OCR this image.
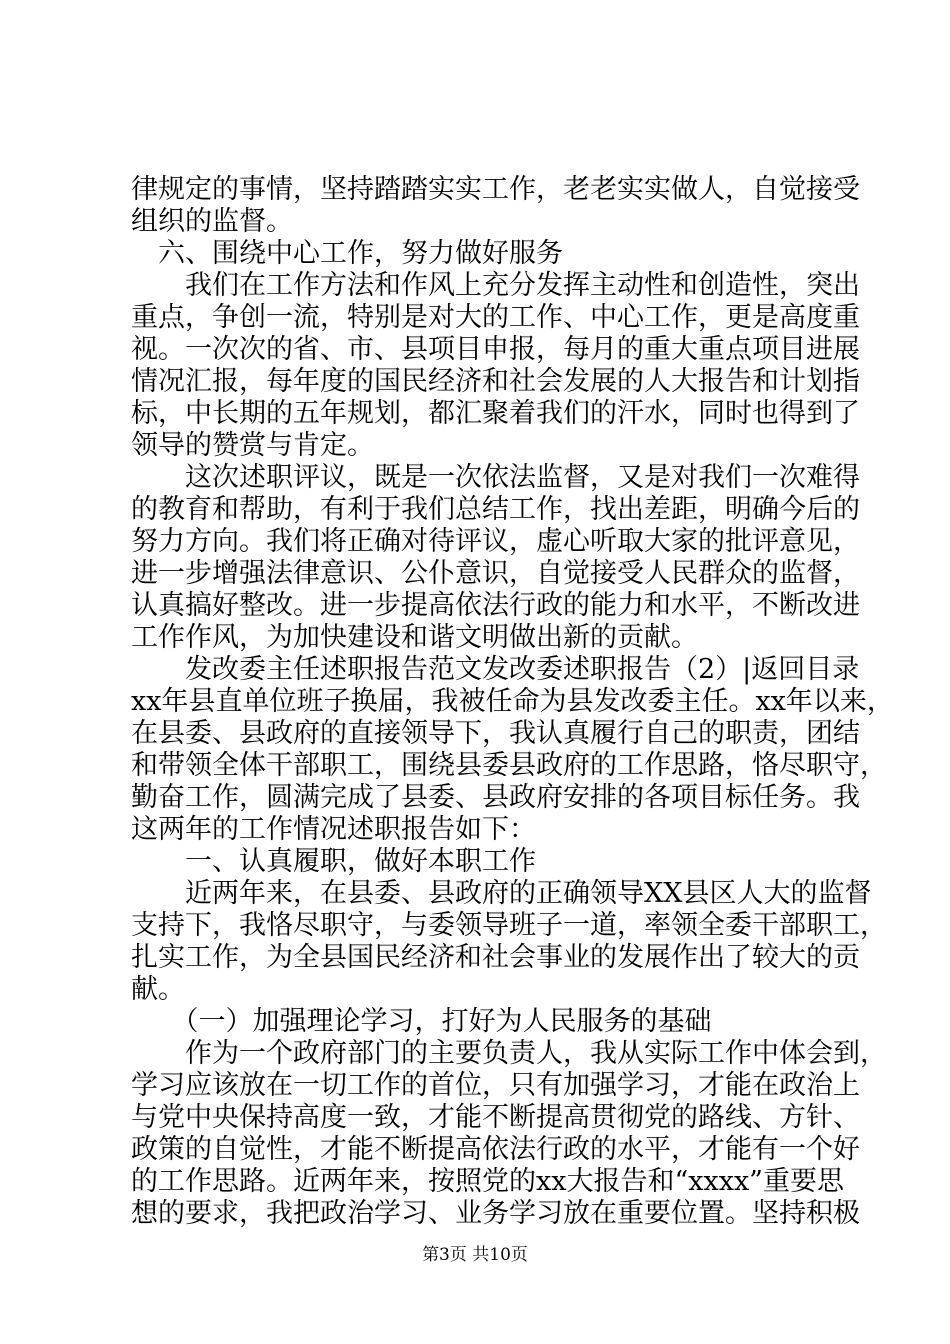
律规定的事情，坚持踏踏实实工作，老老实实做人，自觉接受
组织的监督。
　六、围绕中心工作，努力做好服务
　　我们在工作方法和作风上充分发挥主动性和创造性，突出
重点，争创一流，特别是对大的工作、中心工作，更是高度重
视。一次次的省、市、县项目申报，每月的重大重点项目进展
情况汇报，每年度的国民经济和社会发展的人大报告和计划指
标，中长期的五年规划，都汇聚着我们的汗水，同时也得到了
领导的赞赏与肯定。
　　这次述职评议，既是一次依法监督，又是对我们一次难得
的教育和帮助，有利于我们总结工作，找出差距，明确今后的
努力方向。我们将正确对待评议，虚心听取大家的批评意见，
进一步增强法律意识、公仆意识，自觉接受人民群众的监督，
认真搞好整改。进一步提高依法行政的能力和水平，不断改进
工作作风，为加快建设和谐文明做出新的贡献。
　　发改委主任述职报告范文发改委述职报告（2）|返回目录
xx年县直单位班子换届，我被任命为县发改委主任。xx年以来，
在县委、县政府的直接领导下，我认真履行自己的职责，团结
和带领全体干部职工，围绕县委县政府的工作思路，恪尽职守，
勤奋工作，圆满完成了县委、县政府安排的各项目标任务。我
这两年的工作情况述职报告如下：
　　一、认真履职，做好本职工作
　　近两年来，在县委、县政府的正确领导XX县区人大的监督
支持下，我恪尽职守，与委领导班子一道，率领全委干部职工，
扎实工作，为全县国民经济和社会事业的发展作出了较大的贡
献。
　　（一）加强理论学习，打好为人民服务的基础
　　作为一个政府部门的主要负责人，我从实际工作中体会到，
学习应该放在一切工作的首位，只有加强学习，才能在政治上
与党中央保持高度一致，才能不断提高贯彻党的路线、方针、
政策的自觉性，才能不断提高依法行政的水平，才能有一个好
的工作思路。近两年来，按照党的xx大报告和“xxxx”重要思
想的要求，我把政治学习、业务学习放在重要位置。坚持积极
第3页 共10页
